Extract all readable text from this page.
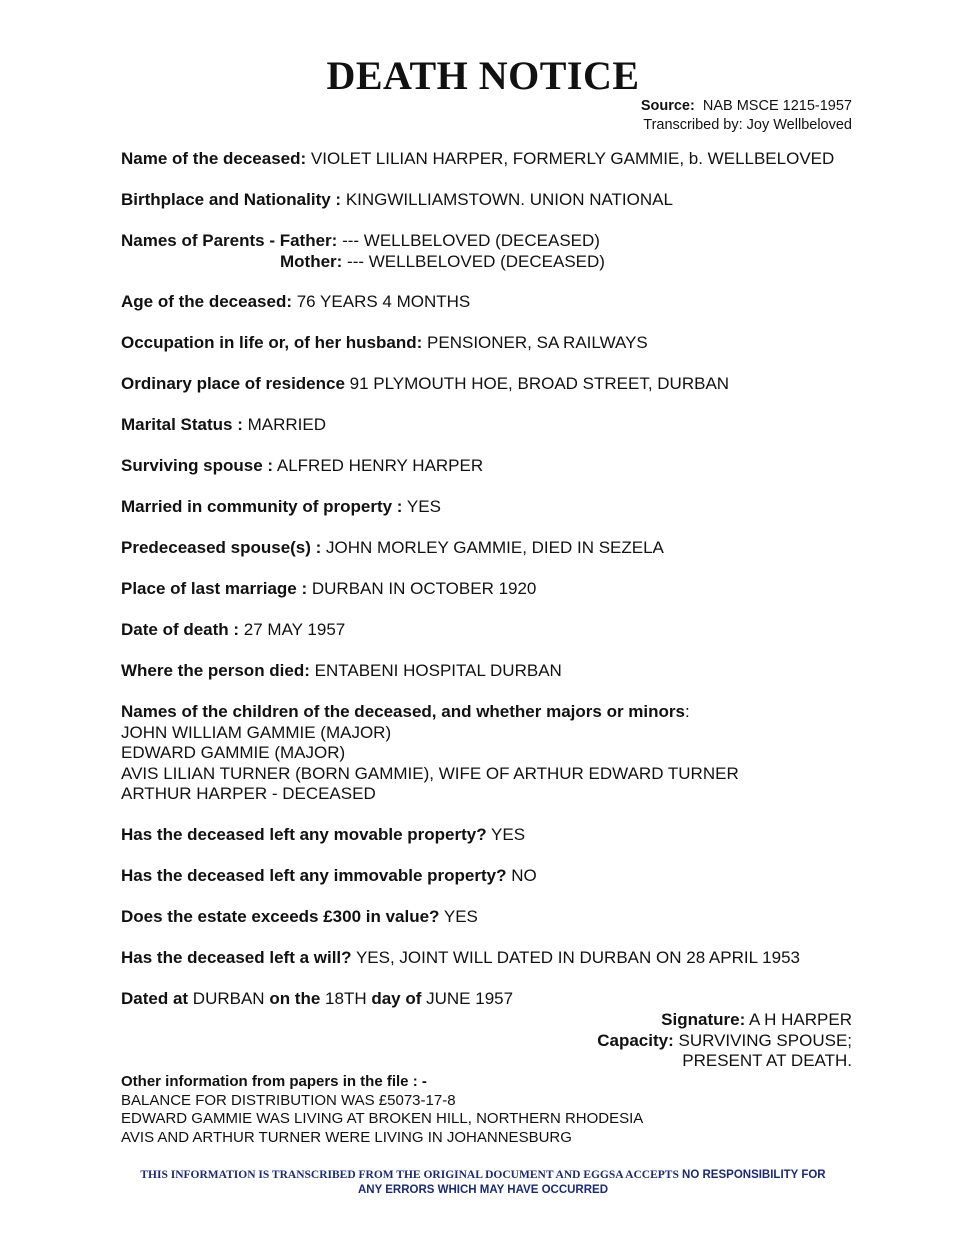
DEATH NOTICE
Source: NAB MSCE 1215-1957
Transcribed by: Joy Wellbeloved
Name of the deceased: VIOLET LILIAN HARPER, FORMERLY GAMMIE, b. WELLBELOVED
Birthplace and Nationality : KINGWILLIAMSTOWN. UNION NATIONAL
Names of Parents - Father: --- WELLBELOVED (DECEASED)
Mother: --- WELLBELOVED (DECEASED)
Age of the deceased: 76 YEARS 4 MONTHS
Occupation in life or, of her husband: PENSIONER, SA RAILWAYS
Ordinary place of residence 91 PLYMOUTH HOE, BROAD STREET, DURBAN
Marital Status : MARRIED
Surviving spouse : ALFRED HENRY HARPER
Married in community of property : YES
Predeceased spouse(s) : JOHN MORLEY GAMMIE, DIED IN SEZELA
Place of last marriage : DURBAN IN OCTOBER 1920
Date of death : 27 MAY 1957
Where the person died: ENTABENI HOSPITAL DURBAN
Names of the children of the deceased, and whether majors or minors:
JOHN WILLIAM GAMMIE (MAJOR)
EDWARD GAMMIE (MAJOR)
AVIS LILIAN TURNER (BORN GAMMIE), WIFE OF ARTHUR EDWARD TURNER
ARTHUR HARPER - DECEASED
Has the deceased left any movable property? YES
Has the deceased left any immovable property? NO
Does the estate exceeds £300 in value? YES
Has the deceased left a will? YES, JOINT WILL DATED IN DURBAN ON 28 APRIL 1953
Dated at DURBAN on the 18TH day of JUNE 1957
Signature: A H HARPER
Capacity: SURVIVING SPOUSE;
PRESENT AT DEATH.
Other information from papers in the file : -
BALANCE FOR DISTRIBUTION WAS £5073-17-8
EDWARD GAMMIE WAS LIVING AT BROKEN HILL, NORTHERN RHODESIA
AVIS AND ARTHUR TURNER WERE LIVING IN JOHANNESBURG
THIS INFORMATION IS TRANSCRIBED FROM THE ORIGINAL DOCUMENT AND EGGSA ACCEPTS NO RESPONSIBILITY FOR
ANY ERRORS WHICH MAY HAVE OCCURRED
